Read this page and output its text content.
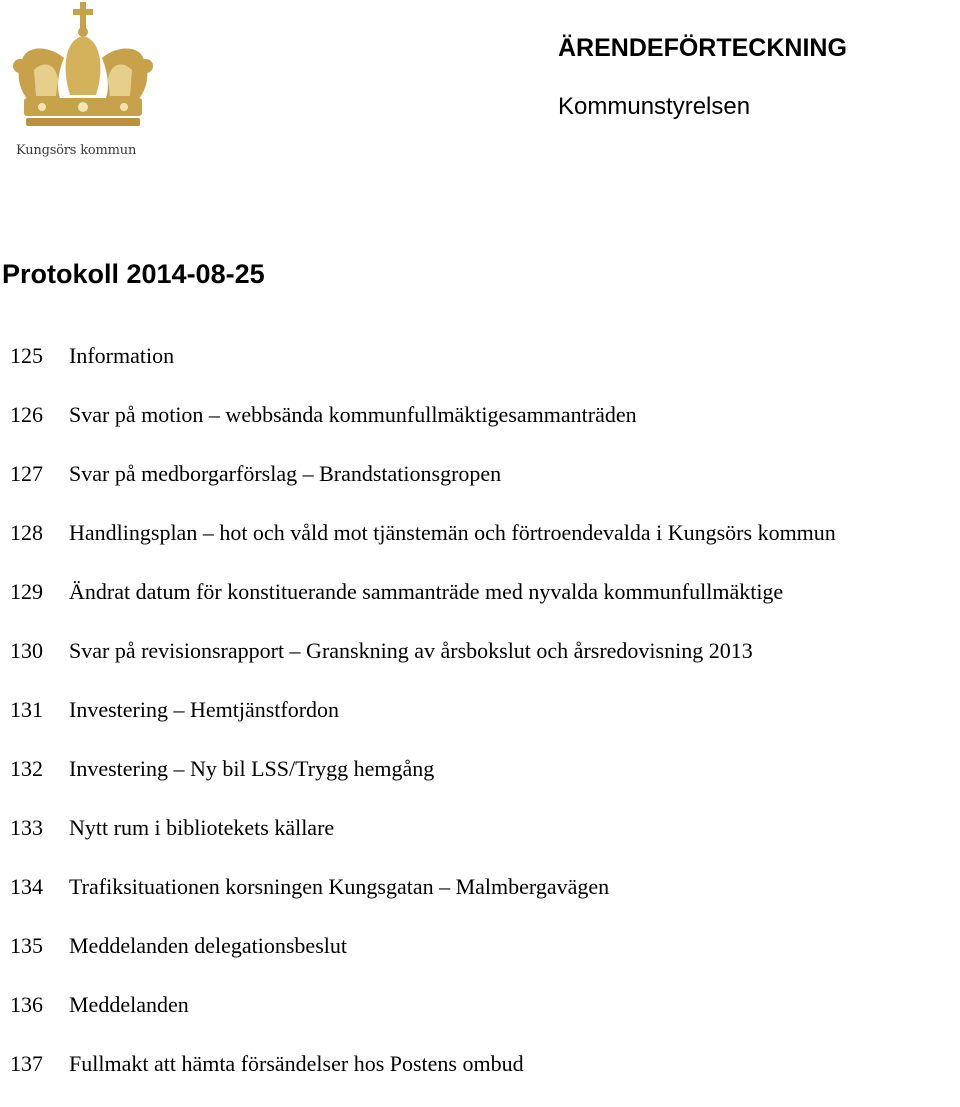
Kungsörs kommun
ÄRENDEFÖRTECKNING
Kommunstyrelsen
Protokoll 2014-08-25
125 Information
126 Svar på motion – webbsända kommunfullmäktigesammanträden
127 Svar på medborgarförslag – Brandstationsgropen
128 Handlingsplan – hot och våld mot tjänstemän och förtroendevalda i Kungsörs kommun
129 Ändrat datum för konstituerande sammanträde med nyvalda kommunfullmäktige
130 Svar på revisionsrapport – Granskning av årsbokslut och årsredovisning 2013
131 Investering – Hemtjänstfordon
132 Investering – Ny bil LSS/Trygg hemgång
133 Nytt rum i bibliotekets källare
134 Trafiksituationen korsningen Kungsgatan – Malmbergavägen
135 Meddelanden delegationsbeslut
136 Meddelanden
137 Fullmakt att hämta försändelser hos Postens ombud
